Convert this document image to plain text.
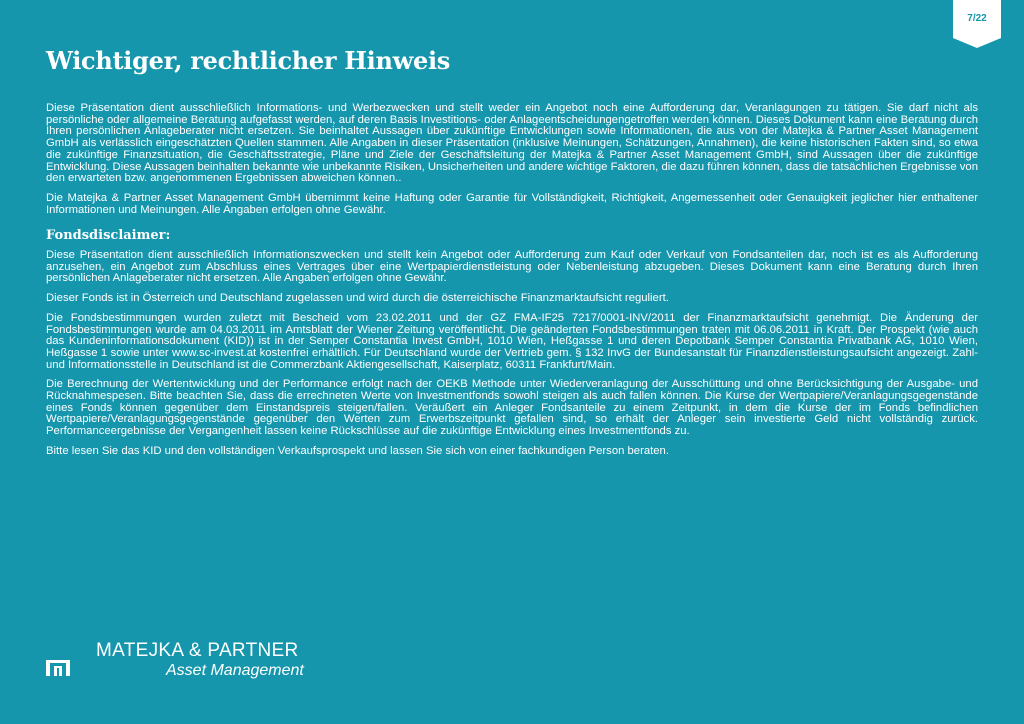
7/22
Wichtiger, rechtlicher Hinweis

Diese Präsentation dient ausschließlich Informations- und Werbezwecken und stellt weder ein Angebot noch eine Aufforderung dar, Veranlagungen zu tätigen. Sie darf nicht als persönliche oder allgemeine Beratung aufgefasst werden, auf deren Basis Investitions- oder Anlageentscheidungengetroffen werden können. Dieses Dokument kann eine Beratung durch Ihren persönlichen Anlageberater nicht ersetzen. Sie beinhaltet Aussagen über zukünftige Entwicklungen sowie Informationen, die aus von der Matejka & Partner Asset Management GmbH als verlässlich eingeschätzten Quellen stammen. Alle Angaben in dieser Präsentation (inklusive Meinungen, Schätzungen, Annahmen), die keine historischen Fakten sind, so etwa die zukünftige Finanzsituation, die Geschäftsstrategie, Pläne und Ziele der Geschäftsleitung der Matejka & Partner Asset Management GmbH, sind Aussagen über die zukünftige Entwicklung. Diese Aussagen beinhalten bekannte wie unbekannte Risiken, Unsicherheiten und andere wichtige Faktoren, die dazu führen können, dass die tatsächlichen Ergebnisse von den erwarteten bzw. angenommenen Ergebnissen abweichen können..

Die Matejka & Partner Asset Management GmbH übernimmt keine Haftung oder Garantie für Vollständigkeit, Richtigkeit, Angemessenheit oder Genauigkeit jeglicher hier enthaltener Informationen und Meinungen. Alle Angaben erfolgen ohne Gewähr.

Fondsdisclaimer:

Diese Präsentation dient ausschließlich Informationszwecken und stellt kein Angebot oder Aufforderung zum Kauf oder Verkauf von Fondsanteilen dar, noch ist es als Aufforderung anzusehen, ein Angebot zum Abschluss eines Vertrages über eine Wertpapierdienstleistung oder Nebenleistung abzugeben. Dieses Dokument kann eine Beratung durch Ihren persönlichen Anlageberater nicht ersetzen. Alle Angaben erfolgen ohne Gewähr.

Dieser Fonds ist in Österreich und Deutschland zugelassen und wird durch die österreichische Finanzmarktaufsicht reguliert.

Die Fondsbestimmungen wurden zuletzt mit Bescheid vom 23.02.2011 und der GZ FMA-IF25 7217/0001-INV/2011 der Finanzmarktaufsicht genehmigt. Die Änderung der Fondsbestimmungen wurde am 04.03.2011 im Amtsblatt der Wiener Zeitung veröffentlicht. Die geänderten Fondsbestimmungen traten mit 06.06.2011 in Kraft. Der Prospekt (wie auch das Kundeninformationsdokument (KID)) ist in der Semper Constantia Invest GmbH, 1010 Wien, Heßgasse 1 und deren Depotbank Semper Constantia Privatbank AG, 1010 Wien, Heßgasse 1 sowie unter www.sc-invest.at kostenfrei erhältlich. Für Deutschland wurde der Vertrieb gem. § 132 InvG der Bundesanstalt für Finanzdienstleistungsaufsicht angezeigt. Zahl- und Informationsstelle in Deutschland ist die Commerzbank Aktiengesellschaft, Kaiserplatz, 60311 Frankfurt/Main.

Die Berechnung der Wertentwicklung und der Performance erfolgt nach der OEKB Methode unter Wiederveranlagung der Ausschüttung und ohne Berücksichtigung der Ausgabe- und Rücknahmespesen. Bitte beachten Sie, dass die errechneten Werte von Investmentfonds sowohl steigen als auch fallen können. Die Kurse der Wertpapiere/Veranlagungsgegenstände eines Fonds können gegenüber dem Einstandspreis steigen/fallen. Veräußert ein Anleger Fondsanteile zu einem Zeitpunkt, in dem die Kurse der im Fonds befindlichen Wertpapiere/Veranlagungsgegenstände gegenüber den Werten zum Erwerbszeitpunkt gefallen sind, so erhält der Anleger sein investierte Geld nicht vollständig zurück. Performanceergebnisse der Vergangenheit lassen keine Rückschlüsse auf die zukünftige Entwicklung eines Investmentfonds zu.

Bitte lesen Sie das KID und den vollständigen Verkaufsprospekt und lassen Sie sich von einer fachkundigen Person beraten.

MATEJKA & PARTNER
Asset Management
